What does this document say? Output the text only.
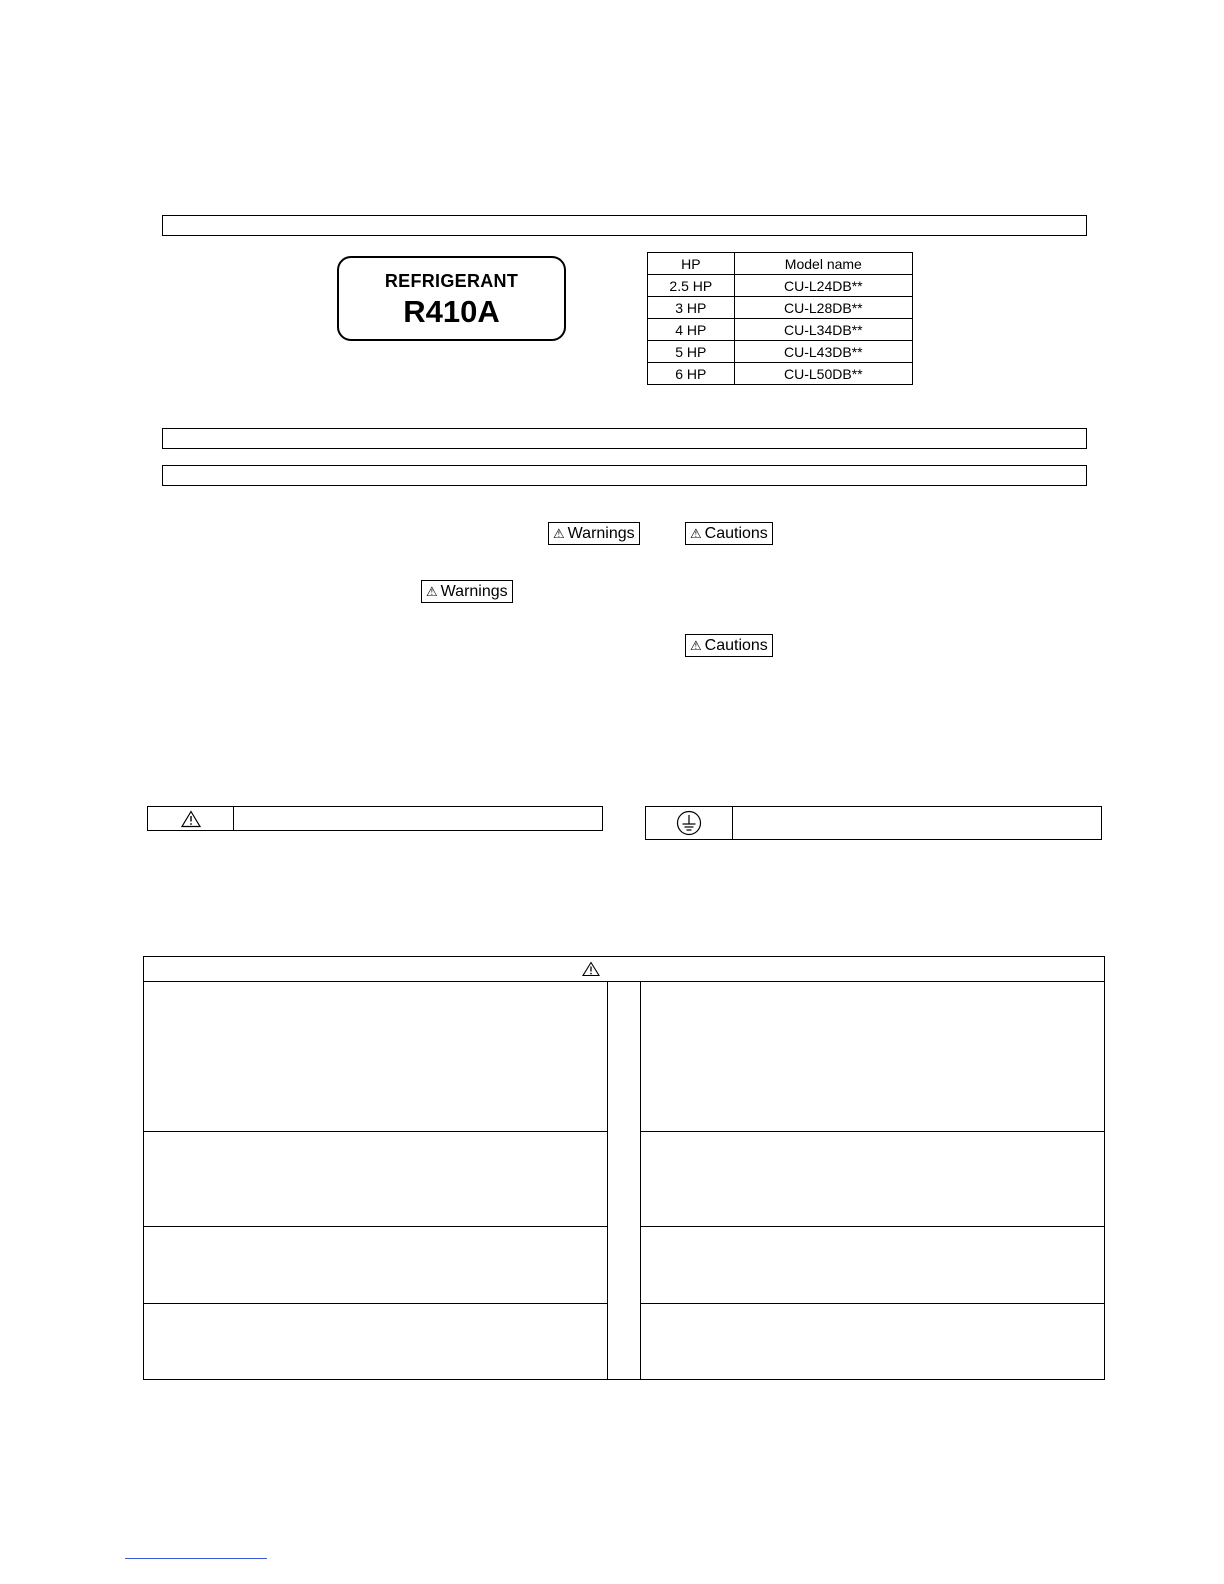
REFRIGERANT
R410A
HP	Model name
2.5 HP	CU-L24DB**
3 HP	CU-L28DB**
4 HP	CU-L34DB**
5 HP	CU-L43DB**
6 HP	CU-L50DB**
⚠ Warnings	⚠ Cautions
⚠ Warnings
⚠ Cautions
